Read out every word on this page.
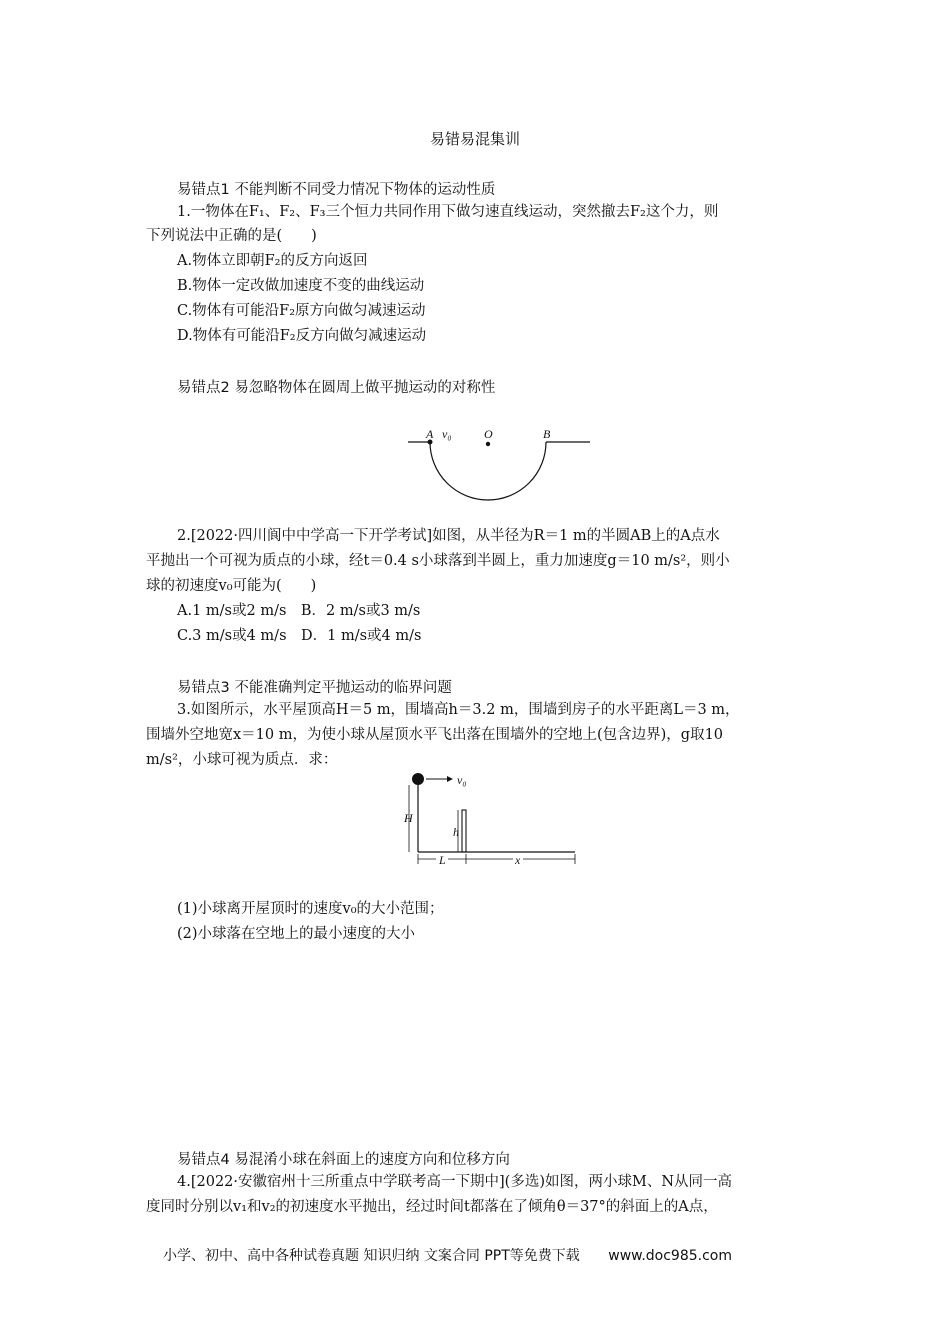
易错易混集训
易错点1 不能判断不同受力情况下物体的运动性质
1.一物体在F₁、F₂、F₃三个恒力共同作用下做匀速直线运动，突然撤去F₂这个力，则
下列说法中正确的是(　　)
A.物体立即朝F₂的反方向返回
B.物体一定改做加速度不变的曲线运动
C.物体有可能沿F₂原方向做匀减速运动
D.物体有可能沿F₂反方向做匀减速运动
易错点2 易忽略物体在圆周上做平抛运动的对称性
A v₀	O	B
2.[2022·四川阆中中学高一下开学考试]如图，从半径为R＝1 m的半圆AB上的A点水
平抛出一个可视为质点的小球，经t＝0.4 s小球落到半圆上，重力加速度g＝10 m/s²，则小
球的初速度v₀可能为(　　)
A.1 m/s或2 m/s　B．2 m/s或3 m/s
C.3 m/s或4 m/s　D．1 m/s或4 m/s
易错点3 不能准确判定平抛运动的临界问题
3.如图所示，水平屋顶高H＝5 m，围墙高h＝3.2 m，围墙到房子的水平距离L＝3 m，
围墙外空地宽x＝10 m，为使小球从屋顶水平飞出落在围墙外的空地上(包含边界)，g取10
m/s²，小球可视为质点．求：
v₀
H
h
L	x
(1)小球离开屋顶时的速度v₀的大小范围；
(2)小球落在空地上的最小速度的大小
易错点4 易混淆小球在斜面上的速度方向和位移方向
4.[2022·安徽宿州十三所重点中学联考高一下期中](多选)如图，两小球M、N从同一高
度同时分别以v₁和v₂的初速度水平抛出，经过时间t都落在了倾角θ＝37°的斜面上的A点，
小学、初中、高中各种试卷真题 知识归纳 文案合同 PPT等免费下载 www.doc985.com
